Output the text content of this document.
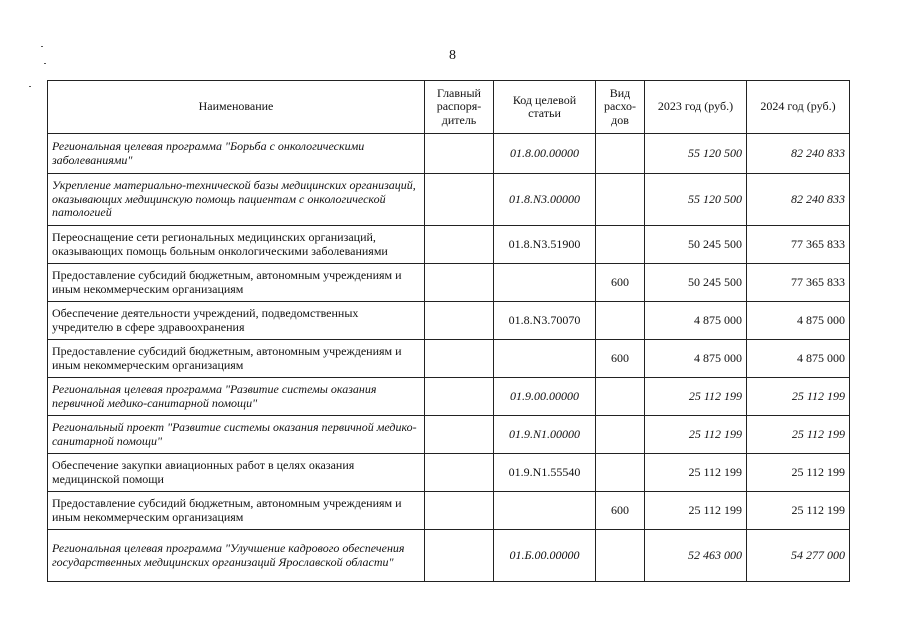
8
Наименование	Главный распоря-дитель	Код целевой статьи	Вид расхо-дов	2023 год (руб.)	2024 год (руб.)
Региональная целевая программа "Борьба с онкологическими заболеваниями"		01.8.00.00000		55 120 500	82 240 833
Укрепление материально-технической базы медицинских организаций, оказывающих медицинскую помощь пациентам с онкологической патологией		01.8.N3.00000		55 120 500	82 240 833
Переоснащение сети региональных медицинских организаций, оказывающих помощь больным онкологическими заболеваниями		01.8.N3.51900		50 245 500	77 365 833
Предоставление субсидий бюджетным, автономным учреждениям и иным некоммерческим организациям			600	50 245 500	77 365 833
Обеспечение деятельности учреждений, подведомственных учредителю в сфере здравоохранения		01.8.N3.70070		4 875 000	4 875 000
Предоставление субсидий бюджетным, автономным учреждениям и иным некоммерческим организациям			600	4 875 000	4 875 000
Региональная целевая программа "Развитие системы оказания первичной медико-санитарной помощи"		01.9.00.00000		25 112 199	25 112 199
Региональный проект "Развитие системы оказания первичной медико-санитарной помощи"		01.9.N1.00000		25 112 199	25 112 199
Обеспечение закупки авиационных работ в целях оказания медицинской помощи		01.9.N1.55540		25 112 199	25 112 199
Предоставление субсидий бюджетным, автономным учреждениям и иным некоммерческим организациям			600	25 112 199	25 112 199
Региональная целевая программа "Улучшение кадрового обеспечения государственных медицинских организаций Ярославской области"		01.Б.00.00000		52 463 000	54 277 000
